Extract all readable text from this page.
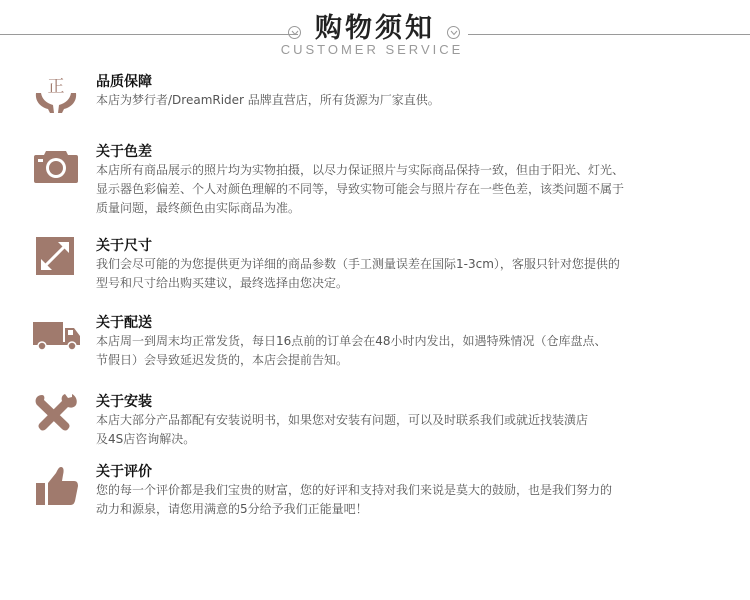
购物须知
CUSTOMER SERVICE
正 品质保障
本店为梦行者/DreamRider 品牌直营店，所有货源为厂家直供。
关于色差
本店所有商品展示的照片均为实物拍摄，以尽力保证照片与实际商品保持一致，但由于阳光、灯光、
显示器色彩偏差、个人对颜色理解的不同等，导致实物可能会与照片存在一些色差，该类问题不属于
质量问题，最终颜色由实际商品为准。
关于尺寸
我们会尽可能的为您提供更为详细的商品参数（手工测量误差在国际1-3cm），客服只针对您提供的
型号和尺寸给出购买建议，最终选择由您决定。
关于配送
本店周一到周末均正常发货，每日16点前的订单会在48小时内发出，如遇特殊情况（仓库盘点、
节假日）会导致延迟发货的，本店会提前告知。
关于安装
本店大部分产品都配有安装说明书，如果您对安装有问题，可以及时联系我们或就近找装潢店
及4S店咨询解决。
关于评价
您的每一个评价都是我们宝贵的财富，您的好评和支持对我们来说是莫大的鼓励，也是我们努力的
动力和源泉，请您用满意的5分给予我们正能量吧！
